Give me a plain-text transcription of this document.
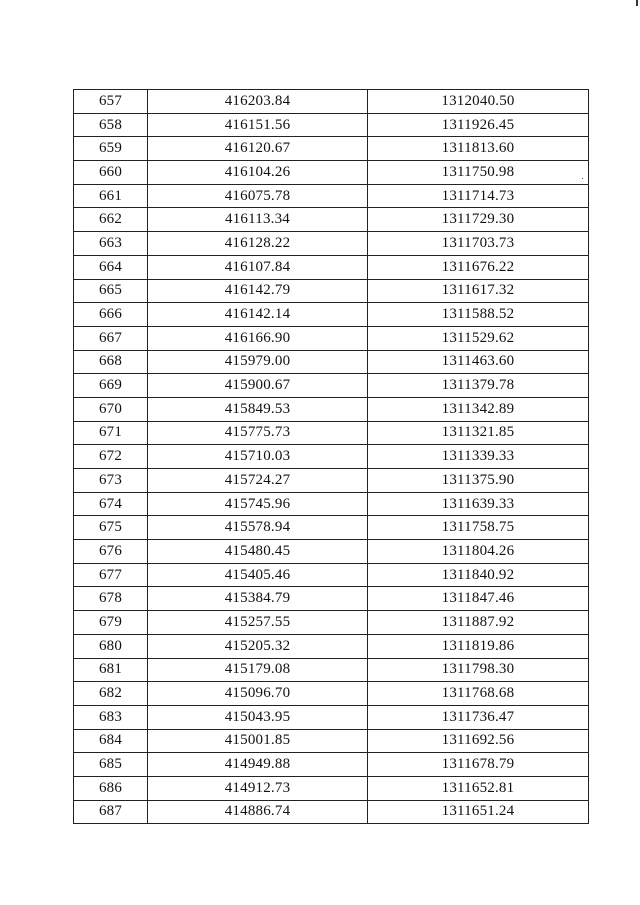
657	416203.84	1312040.50
658	416151.56	1311926.45
659	416120.67	1311813.60
660	416104.26	1311750.98
661	416075.78	1311714.73
662	416113.34	1311729.30
663	416128.22	1311703.73
664	416107.84	1311676.22
665	416142.79	1311617.32
666	416142.14	1311588.52
667	416166.90	1311529.62
668	415979.00	1311463.60
669	415900.67	1311379.78
670	415849.53	1311342.89
671	415775.73	1311321.85
672	415710.03	1311339.33
673	415724.27	1311375.90
674	415745.96	1311639.33
675	415578.94	1311758.75
676	415480.45	1311804.26
677	415405.46	1311840.92
678	415384.79	1311847.46
679	415257.55	1311887.92
680	415205.32	1311819.86
681	415179.08	1311798.30
682	415096.70	1311768.68
683	415043.95	1311736.47
684	415001.85	1311692.56
685	414949.88	1311678.79
686	414912.73	1311652.81
687	414886.74	1311651.24
